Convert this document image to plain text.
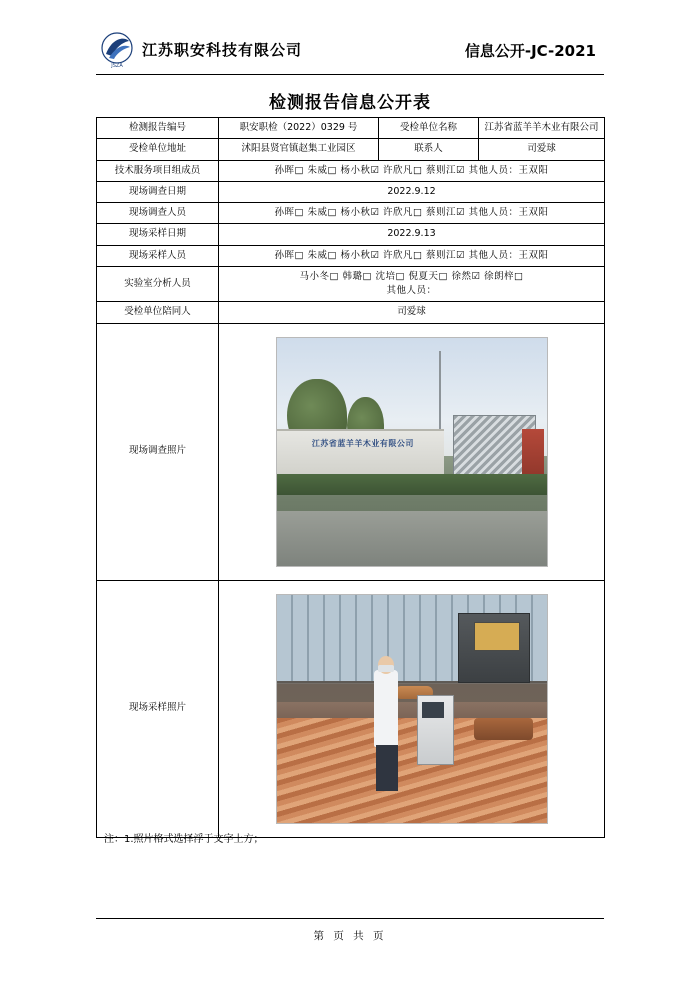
JSZA
江苏职安科技有限公司	信息公开-JC-2021
检测报告信息公开表
检测报告编号	职安职检（2022）0329 号	受检单位名称	江苏省蓝羊羊木业有限公司
受检单位地址	沭阳县贤官镇赵集工业园区	联系人	司爱球
技术服务项目组成员	孙晖□ 朱威□ 杨小秋☑ 许欣凡□ 蔡则江☑ 其他人员：王双阳		
现场调查日期	2022.9.12		
现场调查人员	孙晖□ 朱威□ 杨小秋☑ 许欣凡□ 蔡则江☑ 其他人员：王双阳		
现场采样日期	2022.9.13		
现场采样人员	孙晖□ 朱威□ 杨小秋☑ 许欣凡□ 蔡则江☑ 其他人员：王双阳		
实验室分析人员	马小冬□ 韩璐□ 沈培□ 倪夏天□ 徐然☑ 徐朗梓□
其他人员：		

受检单位陪同人	司爱球		
现场调查照片	江苏省蓝羊羊木业有限公司		

现场采样照片			
注：1.照片格式选择浮于文字上方；
第 页 共 页
